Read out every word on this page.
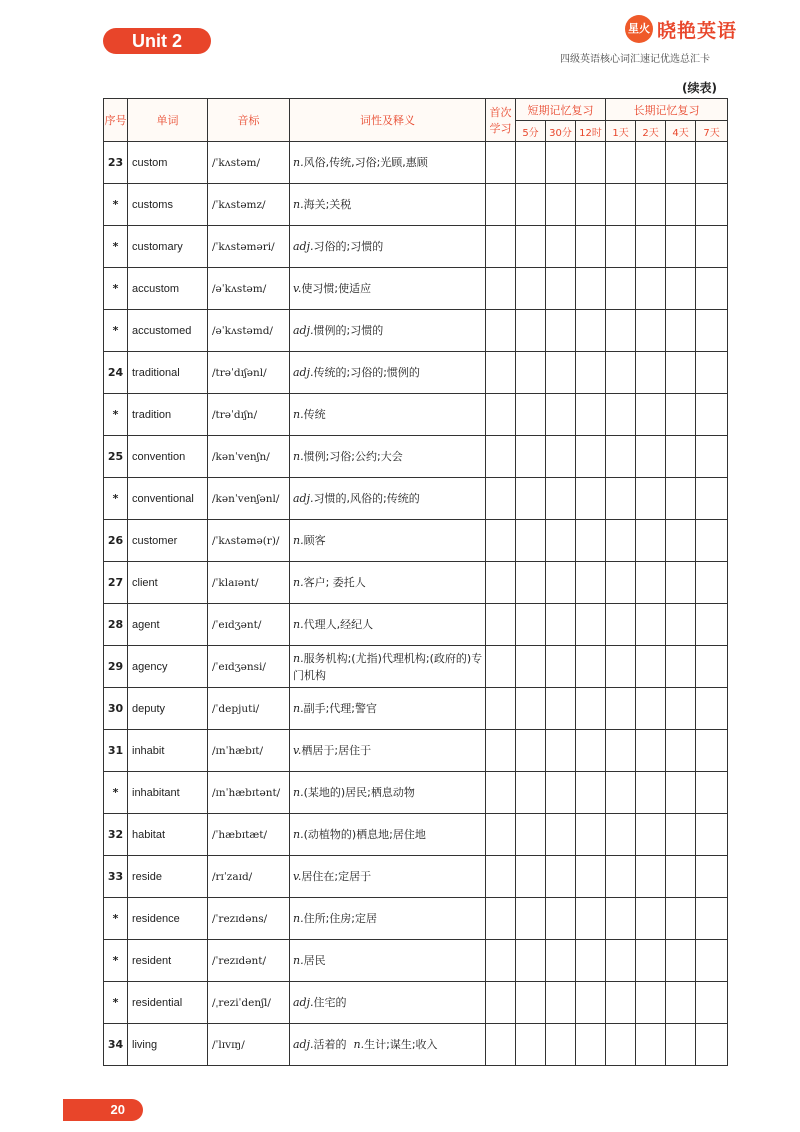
Unit 2
星火 晓艳英语
四级英语核心词汇速记优选总汇卡
(续表)
序号	单词	音标	词性及释义	首次学习	短期记忆复习			长期记忆复习			
					5分	30分	12时	1天	2天	4天	7天
23	custom	/ˈkʌstəm/	n.风俗,传统,习俗;光顾,惠顾								
*	customs	/ˈkʌstəmz/	n.海关;关税								
*	customary	/ˈkʌstəməri/	adj.习俗的;习惯的								
*	accustom	/əˈkʌstəm/	v.使习惯;使适应								
*	accustomed	/əˈkʌstəmd/	adj.惯例的;习惯的								
24	traditional	/trəˈdɪʃənl/	adj.传统的;习俗的;惯例的								
*	tradition	/trəˈdɪʃn/	n.传统								
25	convention	/kənˈvenʃn/	n.惯例;习俗;公约;大会								
*	conventional	/kənˈvenʃənl/	adj.习惯的,风俗的;传统的								
26	customer	/ˈkʌstəmə(r)/	n.顾客								
27	client	/ˈklaɪənt/	n.客户; 委托人								
28	agent	/ˈeɪdʒənt/	n.代理人,经纪人								
29	agency	/ˈeɪdʒənsi/	n.服务机构;(尤指)代理机构;(政府的)专门机构								
30	deputy	/ˈdepjuti/	n.副手;代理;警官								
31	inhabit	/ɪnˈhæbɪt/	v.栖居于;居住于								
*	inhabitant	/ɪnˈhæbɪtənt/	n.(某地的)居民;栖息动物								
32	habitat	/ˈhæbɪtæt/	n.(动植物的)栖息地;居住地								
33	reside	/rɪˈzaɪd/	v.居住在;定居于								
*	residence	/ˈrezɪdəns/	n.住所;住房;定居								
*	resident	/ˈrezɪdənt/	n.居民								
*	residential	/ˌreziˈdenʃl/	adj.住宅的								
34	living	/ˈlɪvɪŋ/	adj.活着的 n.生计;谋生;收入								
20
